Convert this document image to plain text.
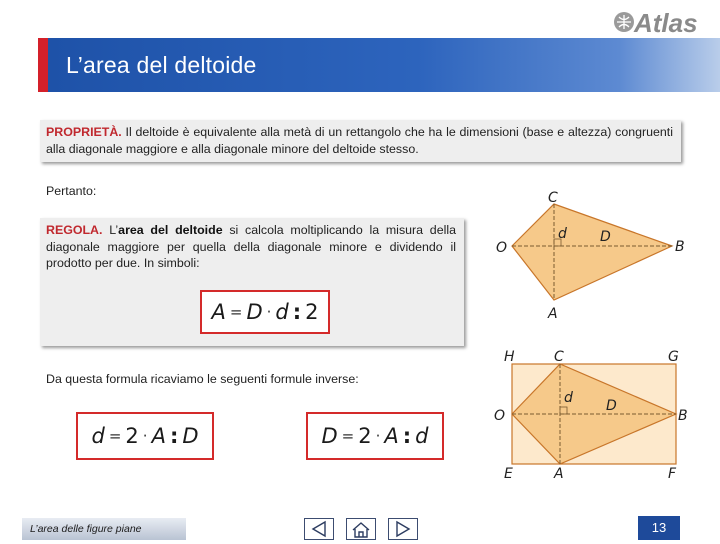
Atlas
L’area del deltoide

PROPRIETÀ. Il deltoide è equivalente alla metà di un rettangolo che ha le dimensioni (base e altezza) congruenti alla diagonale maggiore e alla diagonale minore del deltoide stesso.

Pertanto:

REGOLA. L’area del deltoide si calcola moltiplicando la misura della diagonale maggiore per quella della diagonale minore e dividendo il prodotto per due. In simboli:

A = D · d : 2
Da questa formula ricaviamo le seguenti formule inverse:
d = 2 · A : D	D = 2 · A : d
C
O	B
A
d D
H	C	G
O	B
E	A	F
d D
L’area delle figure piane	13
